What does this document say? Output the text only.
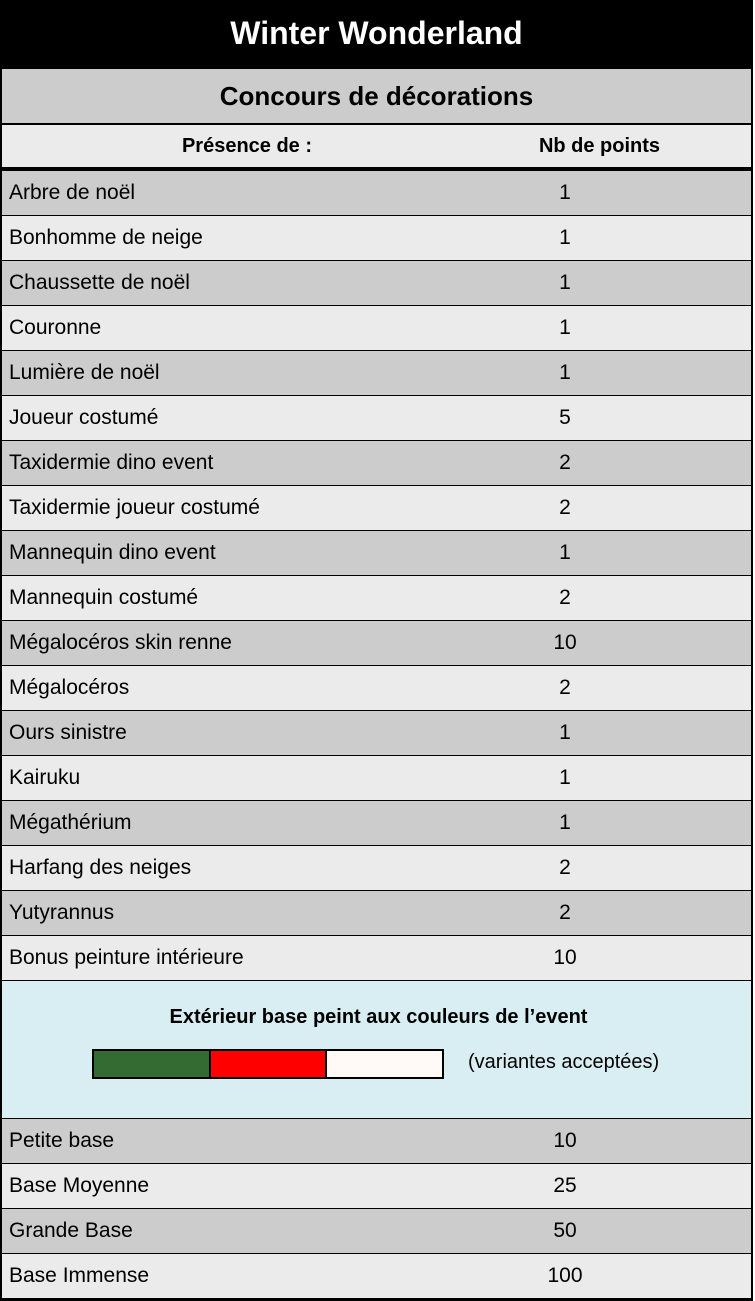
Winter Wonderland
Concours de décorations
Présence de :	Nb de points
Arbre de noël	1
Bonhomme de neige	1
Chaussette de noël	1
Couronne	1
Lumière de noël	1
Joueur costumé	5
Taxidermie dino event	2
Taxidermie joueur costumé	2
Mannequin dino event	1
Mannequin costumé	2
Mégalocéros skin renne	10
Mégalocéros	2
Ours sinistre	1
Kairuku	1
Mégathérium	1
Harfang des neiges	2
Yutyrannus	2
Bonus peinture intérieure	10
Extérieur base peint aux couleurs de l’event
(variantes acceptées)
Petite base	10
Base Moyenne	25
Grande Base	50
Base Immense	100
